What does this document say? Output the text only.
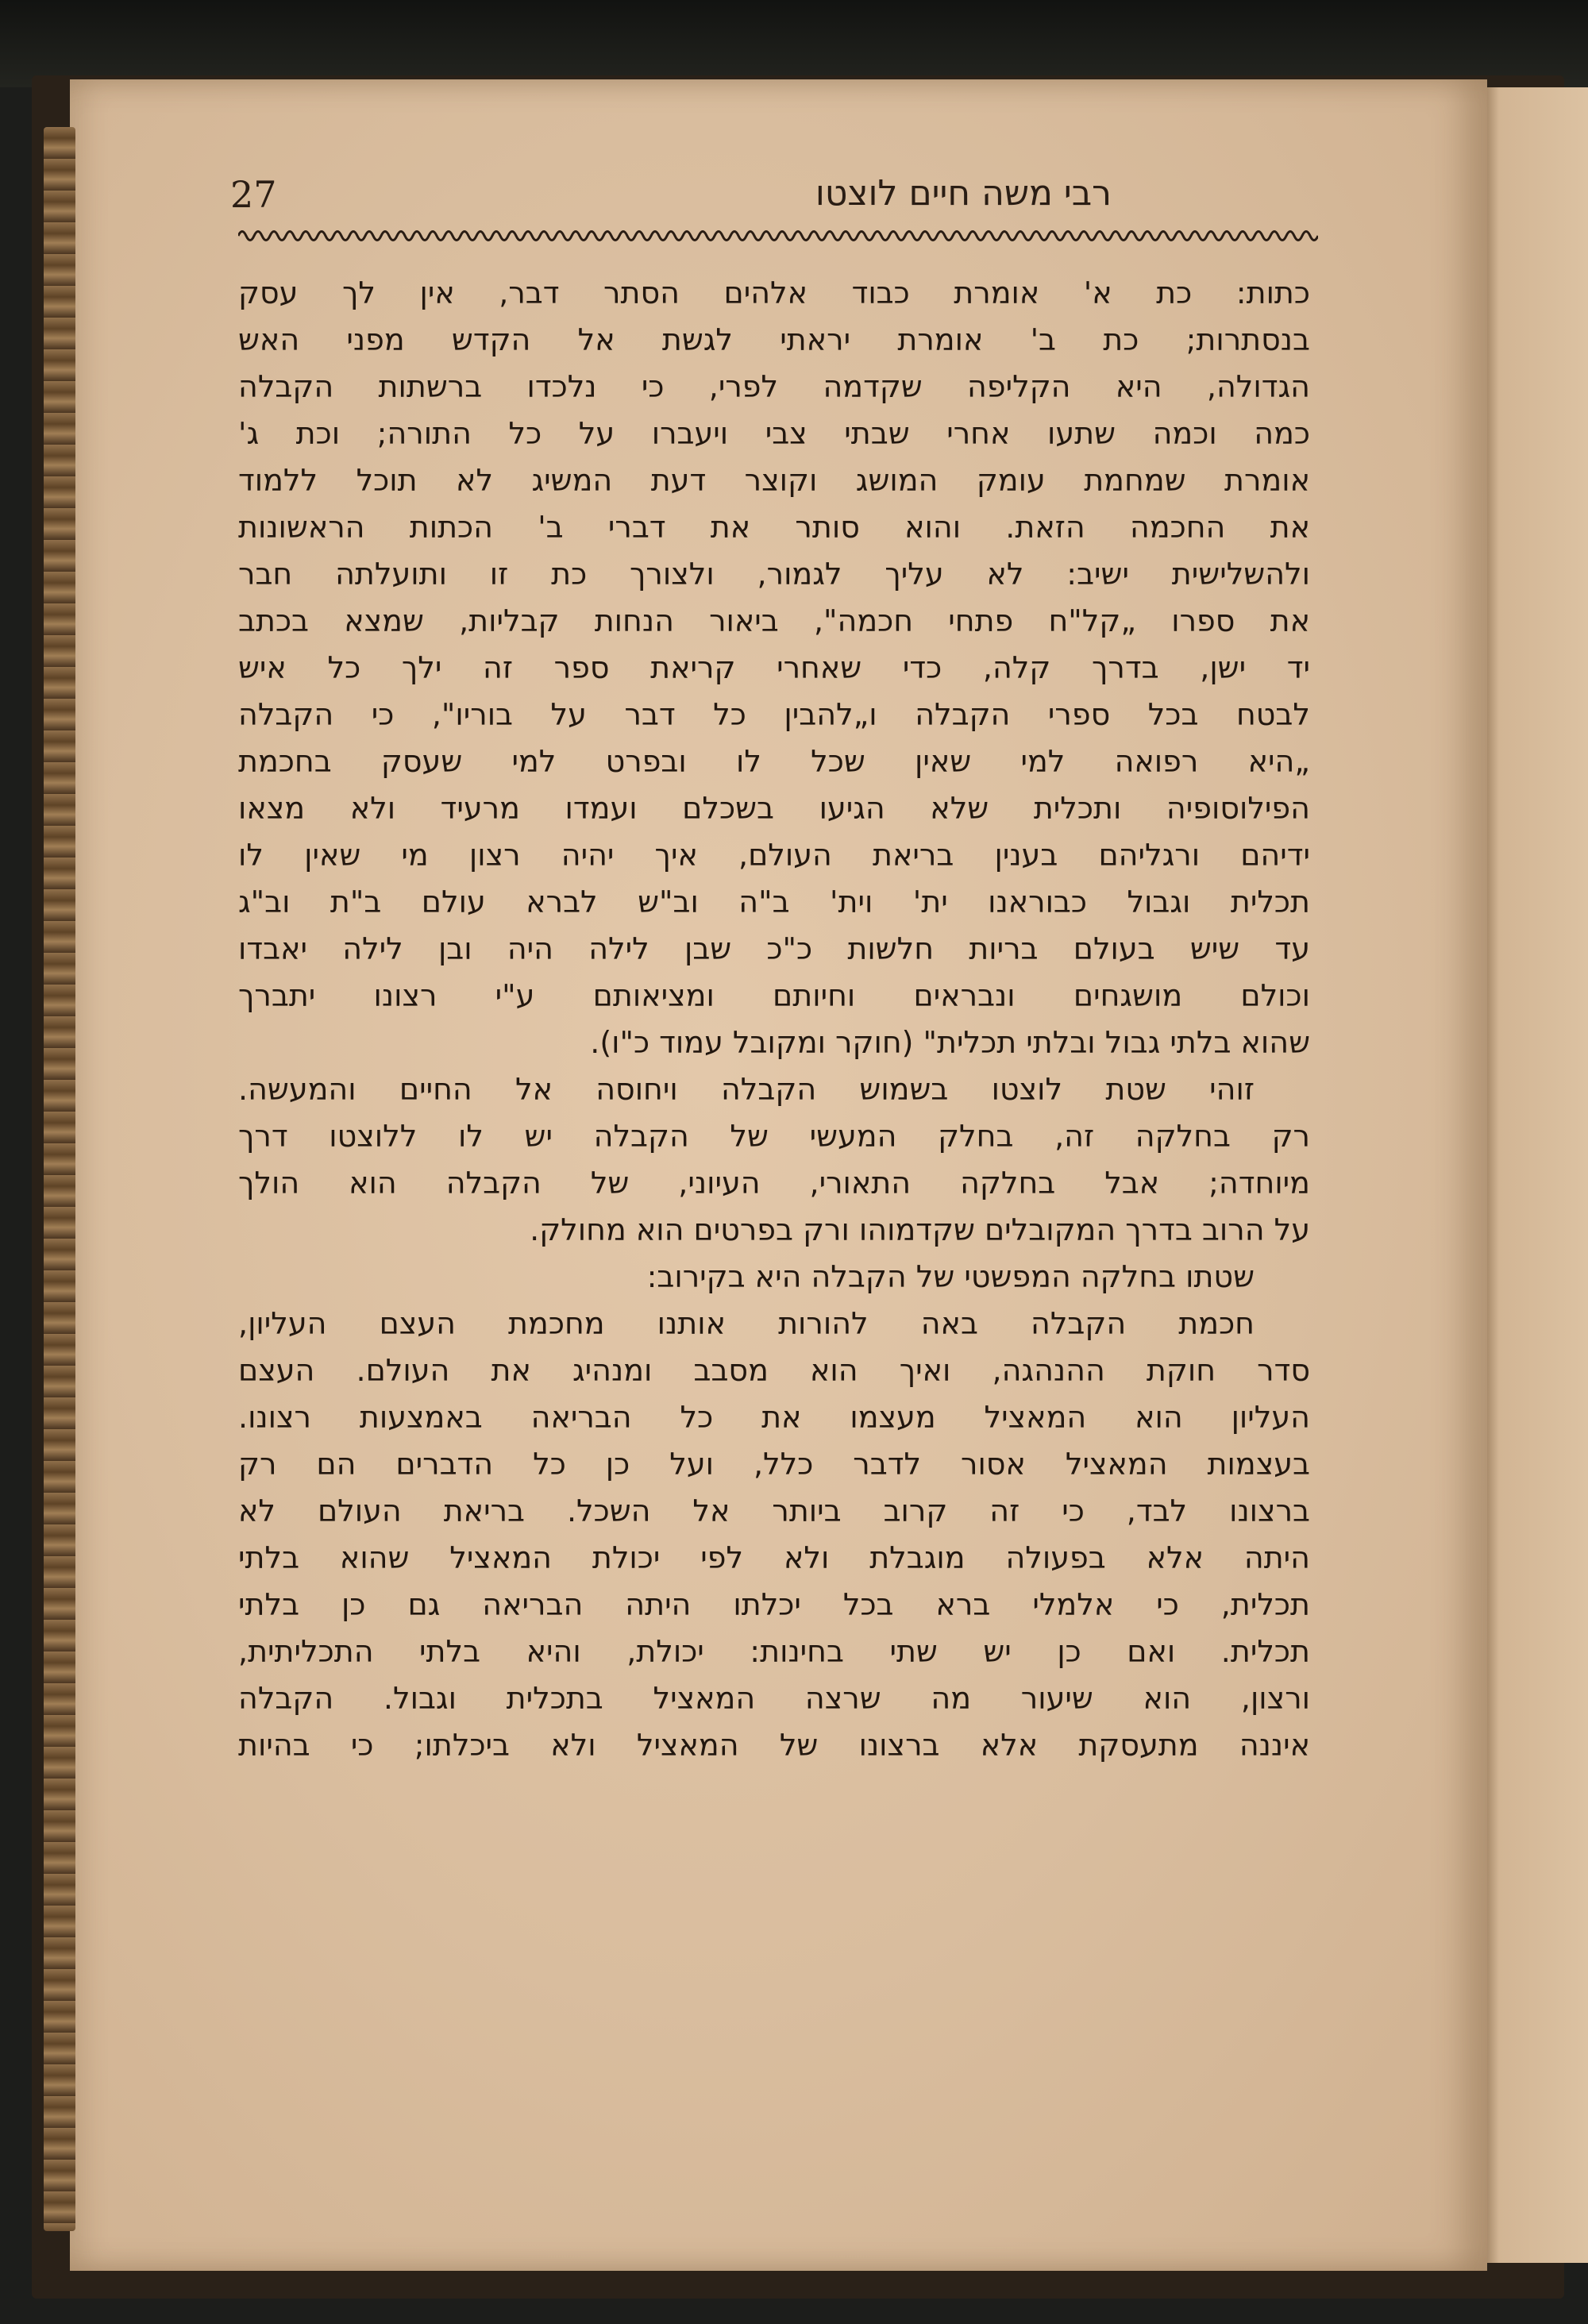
27	רבי משה חיים לוצטו
כתות: כת א' אומרת כבוד אלהים הסתר דבר, אין לך עסק
בנסתרות; כת ב' אומרת יראתי לגשת אל הקדש מפני האש
הגדולה, היא הקליפה שקדמה לפרי, כי נלכדו ברשתות הקבלה
כמה וכמה שתעו אחרי שבתי צבי ויעברו על כל התורה; וכת ג'
אומרת שמחמת עומק המושג וקוצר דעת המשיג לא תוכל ללמוד
את החכמה הזאת. והוא סותר את דברי ב' הכתות הראשונות
ולהשלישית ישיב: לא עליך לגמור, ולצורך כת זו ותועלתה חבר
את ספרו „קל"ח פתחי חכמה", ביאור הנחות קבליות, שמצא בכתב
יד ישן, בדרך קלה, כדי שאחרי קריאת ספר זה ילך כל איש
לבטח בכל ספרי הקבלה ו„להבין כל דבר על בוריו", כי הקבלה
„היא רפואה למי שאין שכל לו ובפרט למי שעסק בחכמת
הפילוסופיה ותכלית שלא הגיעו בשכלם ועמדו מרעיד ולא מצאו
ידיהם ורגליהם בענין בריאת העולם, איך יהיה רצון מי שאין לו
תכלית וגבול כבוראנו ית' וית' ב"ה וב"ש לברא עולם ב"ת וב"ג
עד שיש בעולם בריות חלשות כ"כ שבן לילה היה ובן לילה יאבדו
וכולם מושגחים ונבראים וחיותם ומציאותם ע"י רצונו יתברך
שהוא בלתי גבול ובלתי תכלית" (חוקר ומקובל עמוד כ"ו).
זוהי שטת לוצטו בשמוש הקבלה ויחוסה אל החיים והמעשה.
רק בחלקה זה, בחלק המעשי של הקבלה יש לו ללוצטו דרך
מיוחדה; אבל בחלקה התאורי, העיוני, של הקבלה הוא הולך
על הרוב בדרך המקובלים שקדמוהו ורק בפרטים הוא מחולק.
שטתו בחלקה המפשטי של הקבלה היא בקירוב:
חכמת הקבלה באה להורות אותנו מחכמת העצם העליון,
סדר חוקת ההנהגה, ואיך הוא מסבב ומנהיג את העולם. העצם
העליון הוא המאציל מעצמו את כל הבריאה באמצעות רצונו.
בעצמות המאציל אסור לדבר כלל, ועל כן כל הדברים הם רק
ברצונו לבד, כי זה קרוב ביותר אל השכל. בריאת העולם לא
היתה אלא בפעולה מוגבלת ולא לפי יכולת המאציל שהוא בלתי
תכלית, כי אלמלי ברא בכל יכלתו היתה הבריאה גם כן בלתי
תכלית. ואם כן יש שתי בחינות: יכולת, והיא בלתי התכליתית,
ורצון, הוא שיעור מה שרצה המאציל בתכלית וגבול. הקבלה
איננה מתעסקת אלא ברצונו של המאציל ולא ביכלתו; כי בהיות
